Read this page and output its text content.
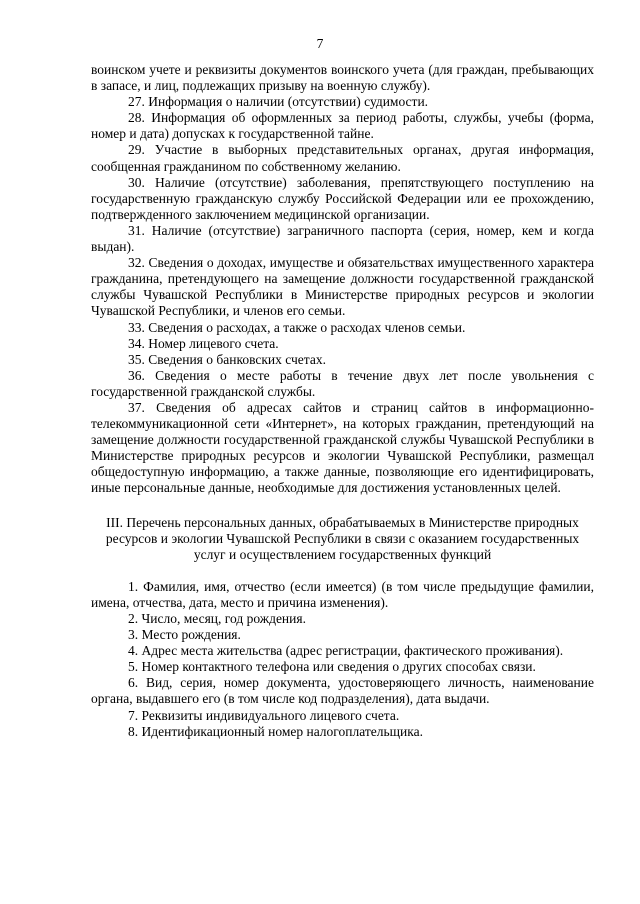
7

воинском учете и реквизиты документов воинского учета (для граждан, пребывающих в запасе, и лиц, подлежащих призыву на военную службу).

27. Информация о наличии (отсутствии) судимости.

28. Информация об оформленных за период работы, службы, учебы (форма, номер и дата) допусках к государственной тайне.

29. Участие в выборных представительных органах, другая информация, сообщенная гражданином по собственному желанию.

30. Наличие (отсутствие) заболевания, препятствующего поступлению на государственную гражданскую службу Российской Федерации или ее прохождению, подтвержденного заключением медицинской организации.

31. Наличие (отсутствие) заграничного паспорта (серия, номер, кем и когда выдан).

32. Сведения о доходах, имуществе и обязательствах имущественного характера гражданина, претендующего на замещение должности государственной гражданской службы Чувашской Республики в Министерстве природных ресурсов и экологии Чувашской Республики, и членов его семьи.

33. Сведения о расходах, а также о расходах членов семьи.

34. Номер лицевого счета.

35. Сведения о банковских счетах.

36. Сведения о месте работы в течение двух лет после увольнения с государственной гражданской службы.

37. Сведения об адресах сайтов и страниц сайтов в информационно-телекоммуникационной сети «Интернет», на которых гражданин, претендующий на замещение должности государственной гражданской службы Чувашской Республики в Министерстве природных ресурсов и экологии Чувашской Республики, размещал общедоступную информацию, а также данные, позволяющие его идентифицировать, иные персональные данные, необходимые для достижения установленных целей.

III. Перечень персональных данных, обрабатываемых в Министерстве природных ресурсов и экологии Чувашской Республики в связи с оказанием государственных услуг и осуществлением государственных функций

1. Фамилия, имя, отчество (если имеется) (в том числе предыдущие фамилии, имена, отчества, дата, место и причина изменения).

2. Число, месяц, год рождения.

3. Место рождения.

4. Адрес места жительства (адрес регистрации, фактического проживания).

5. Номер контактного телефона или сведения о других способах связи.

6. Вид, серия, номер документа, удостоверяющего личность, наименование органа, выдавшего его (в том числе код подразделения), дата выдачи.

7. Реквизиты индивидуального лицевого счета.

8. Идентификационный номер налогоплательщика.
